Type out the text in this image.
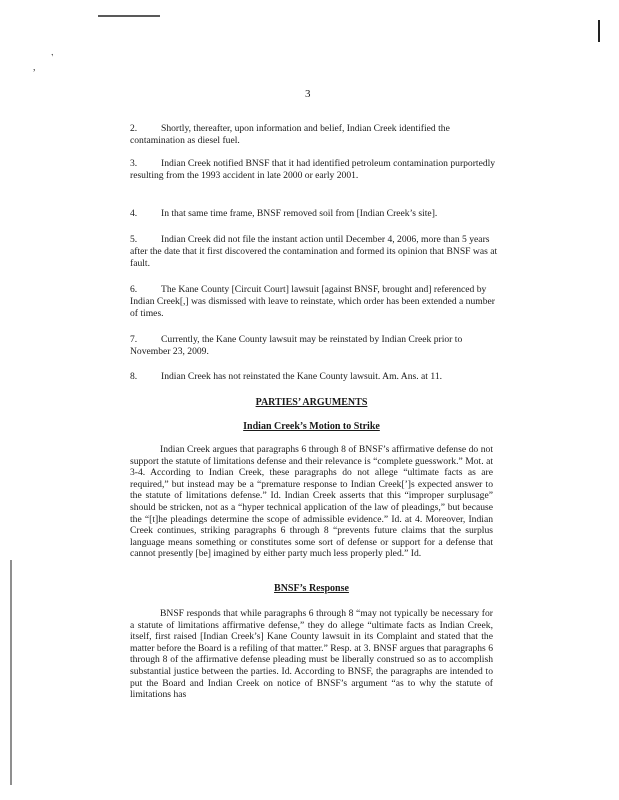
,
,
3

2. Shortly, thereafter, upon information and belief, Indian Creek identified the contamination as diesel fuel.

3. Indian Creek notified BNSF that it had identified petroleum contamination purportedly resulting from the 1993 accident in late 2000 or early 2001.

4. In that same time frame, BNSF removed soil from [Indian Creek’s site].

5. Indian Creek did not file the instant action until December 4, 2006, more than 5 years after the date that it first discovered the contamination and formed its opinion that BNSF was at fault.

6. The Kane County [Circuit Court] lawsuit [against BNSF, brought and] referenced by Indian Creek[,] was dismissed with leave to reinstate, which order has been extended a number of times.

7. Currently, the Kane County lawsuit may be reinstated by Indian Creek prior to November 23, 2009.

8. Indian Creek has not reinstated the Kane County lawsuit. Am. Ans. at 11.

PARTIES’ ARGUMENTS
Indian Creek’s Motion to Strike

Indian Creek argues that paragraphs 6 through 8 of BNSF’s affirmative defense do not support the statute of limitations defense and their relevance is “complete guesswork.” Mot. at 3-4. According to Indian Creek, these paragraphs do not allege “ultimate facts as are required,” but instead may be a “premature response to Indian Creek[’]s expected answer to the statute of limitations defense.” Id. Indian Creek asserts that this “improper surplusage” should be stricken, not as a “hyper technical application of the law of pleadings,” but because the “[t]he pleadings determine the scope of admissible evidence.” Id. at 4. Moreover, Indian Creek continues, striking paragraphs 6 through 8 “prevents future claims that the surplus language means something or constitutes some sort of defense or support for a defense that cannot presently [be] imagined by either party much less properly pled.” Id.

BNSF’s Response

BNSF responds that while paragraphs 6 through 8 “may not typically be necessary for a statute of limitations affirmative defense,” they do allege “ultimate facts as Indian Creek, itself, first raised [Indian Creek’s] Kane County lawsuit in its Complaint and stated that the matter before the Board is a refiling of that matter.” Resp. at 3. BNSF argues that paragraphs 6 through 8 of the affirmative defense pleading must be liberally construed so as to accomplish substantial justice between the parties. Id. According to BNSF, the paragraphs are intended to put the Board and Indian Creek on notice of BNSF’s argument “as to why the statute of limitations has
